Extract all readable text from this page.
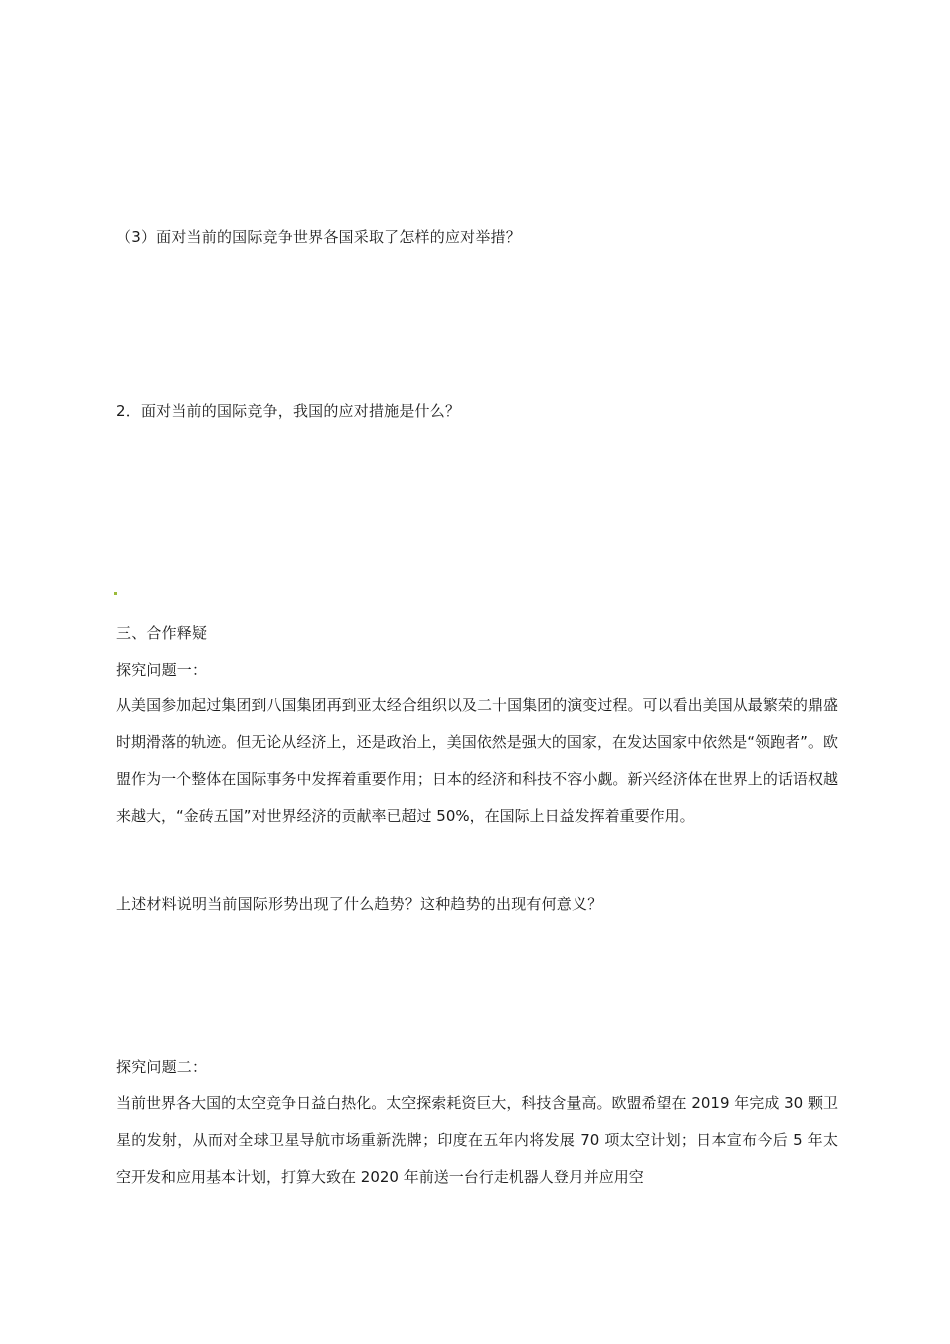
（3）面对当前的国际竞争世界各国采取了怎样的应对举措？
2．面对当前的国际竞争，我国的应对措施是什么？
三、合作释疑
探究问题一：
从美国参加起过集团到八国集团再到亚太经合组织以及二十国集团的演变过程。可以看出美国从最繁荣的鼎盛时期滑落的轨迹。但无论从经济上，还是政治上，美国依然是强大的国家，在发达国家中依然是“领跑者”。欧盟作为一个整体在国际事务中发挥着重要作用；日本的经济和科技不容小觑。新兴经济体在世界上的话语权越来越大，“金砖五国”对世界经济的贡献率已超过 50%，在国际上日益发挥着重要作用。
上述材料说明当前国际形势出现了什么趋势？这种趋势的出现有何意义？
探究问题二：
当前世界各大国的太空竞争日益白热化。太空探索耗资巨大，科技含量高。欧盟希望在 2019 年完成 30 颗卫星的发射，从而对全球卫星导航市场重新洗牌；印度在五年内将发展 70 项太空计划；日本宣布今后 5 年太空开发和应用基本计划，打算大致在 2020 年前送一台行走机器人登月并应用空
